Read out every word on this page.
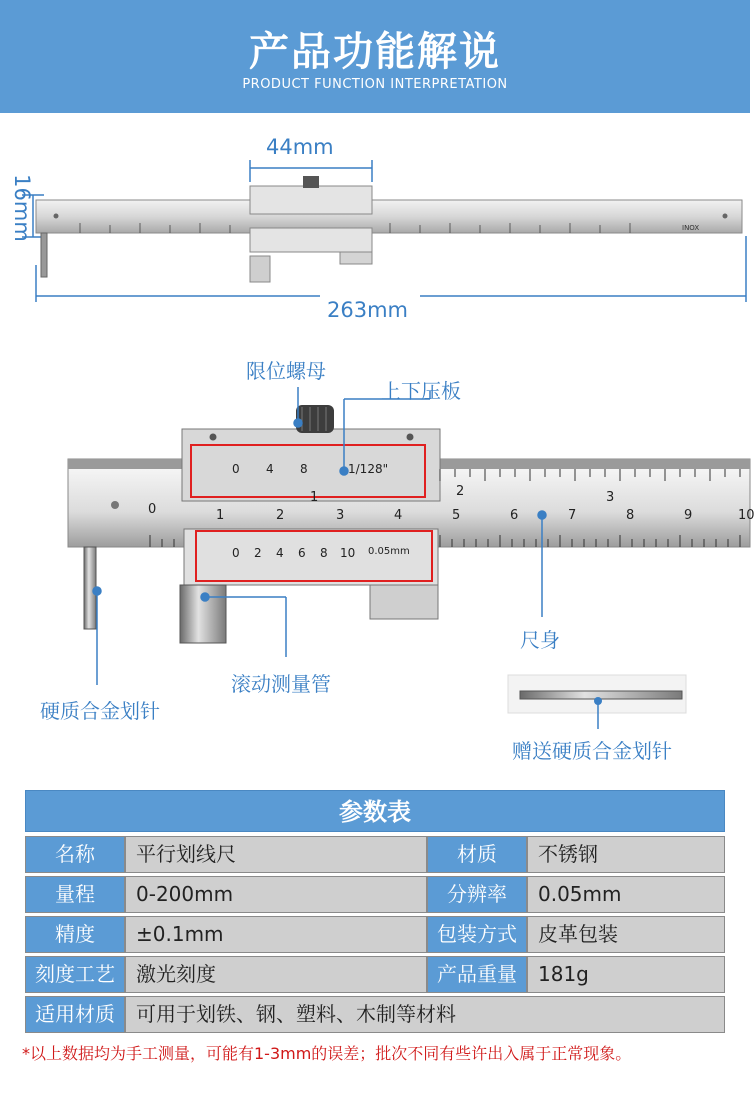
产品功能解说
PRODUCT FUNCTION INTERPRETATION
INOX
44mm
16mm
263mm
0 4 8	1/128"
0 2 4 6 8 10 0.05mm
0	1	2	3	4	5	6	7	8	9	10
1	2	3
限位螺母
上下压板
尺身
滚动测量管
硬质合金划针
赠送硬质合金划针
参数表
名称	平行划线尺	材质	不锈钢
量程	0-200mm	分辨率	0.05mm
精度	±0.1mm	包装方式	皮革包装
刻度工艺	激光刻度	产品重量	181g
适用材质	可用于划铁、钢、塑料、木制等材料
*以上数据均为手工测量，可能有1-3mm的误差；批次不同有些许出入属于正常现象。
